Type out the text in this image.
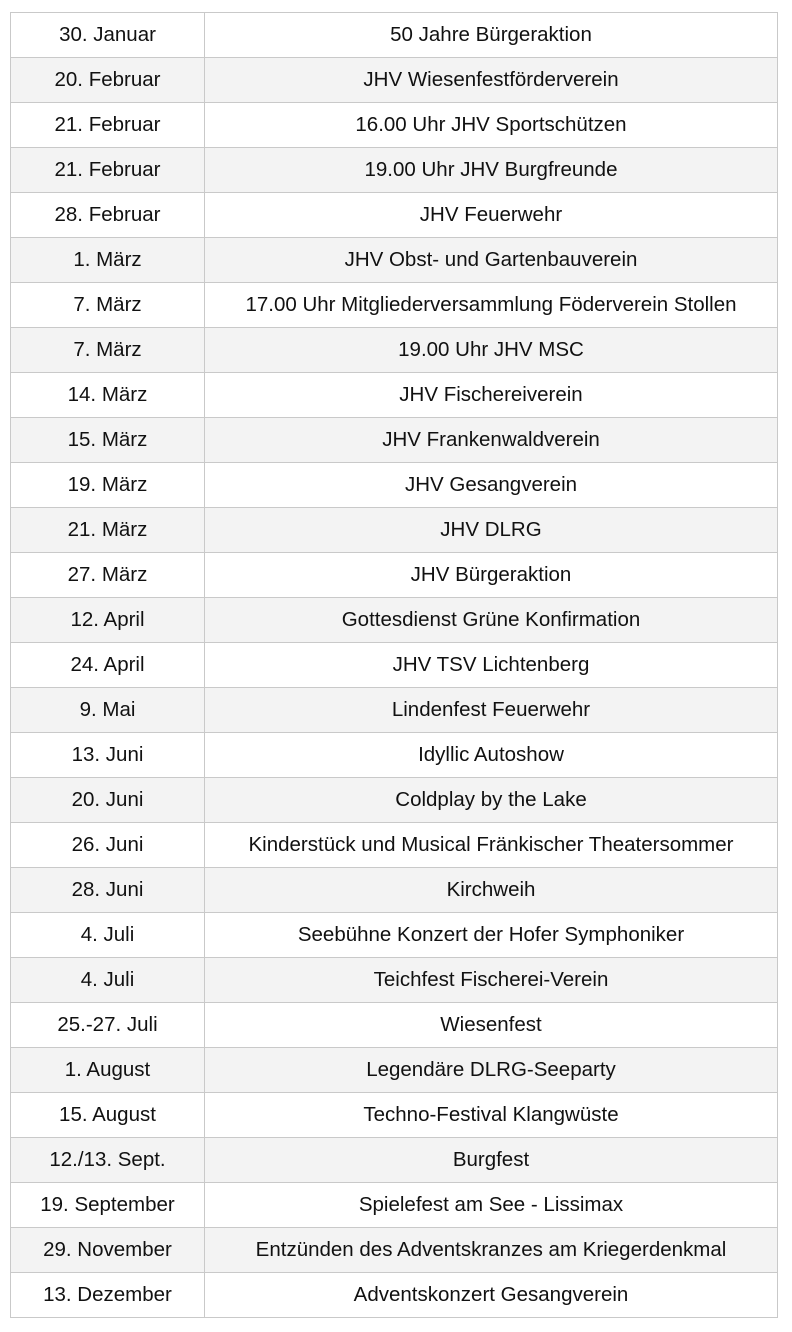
30. Januar	50 Jahre Bürgeraktion
20. Februar	JHV Wiesenfestförderverein
21. Februar	16.00 Uhr JHV Sportschützen
21. Februar	19.00 Uhr JHV Burgfreunde
28. Februar	JHV Feuerwehr
1. März	JHV Obst- und Gartenbauverein
7. März	17.00 Uhr Mitgliederversammlung Föderverein Stollen
7. März	19.00 Uhr JHV MSC
14. März	JHV Fischereiverein
15. März	JHV Frankenwaldverein
19. März	JHV Gesangverein
21. März	JHV DLRG
27. März	JHV Bürgeraktion
12. April	Gottesdienst Grüne Konfirmation
24. April	JHV TSV Lichtenberg
9. Mai	Lindenfest Feuerwehr
13. Juni	Idyllic Autoshow
20. Juni	Coldplay by the Lake
26. Juni	Kinderstück und Musical Fränkischer Theatersommer
28. Juni	Kirchweih
4. Juli	Seebühne Konzert der Hofer Symphoniker
4. Juli	Teichfest Fischerei-Verein
25.-27. Juli	Wiesenfest
1. August	Legendäre DLRG-Seeparty
15. August	Techno-Festival Klangwüste
12./13. Sept.	Burgfest
19. September	Spielefest am See - Lissimax
29. November	Entzünden des Adventskranzes am Kriegerdenkmal
13. Dezember	Adventskonzert Gesangverein
